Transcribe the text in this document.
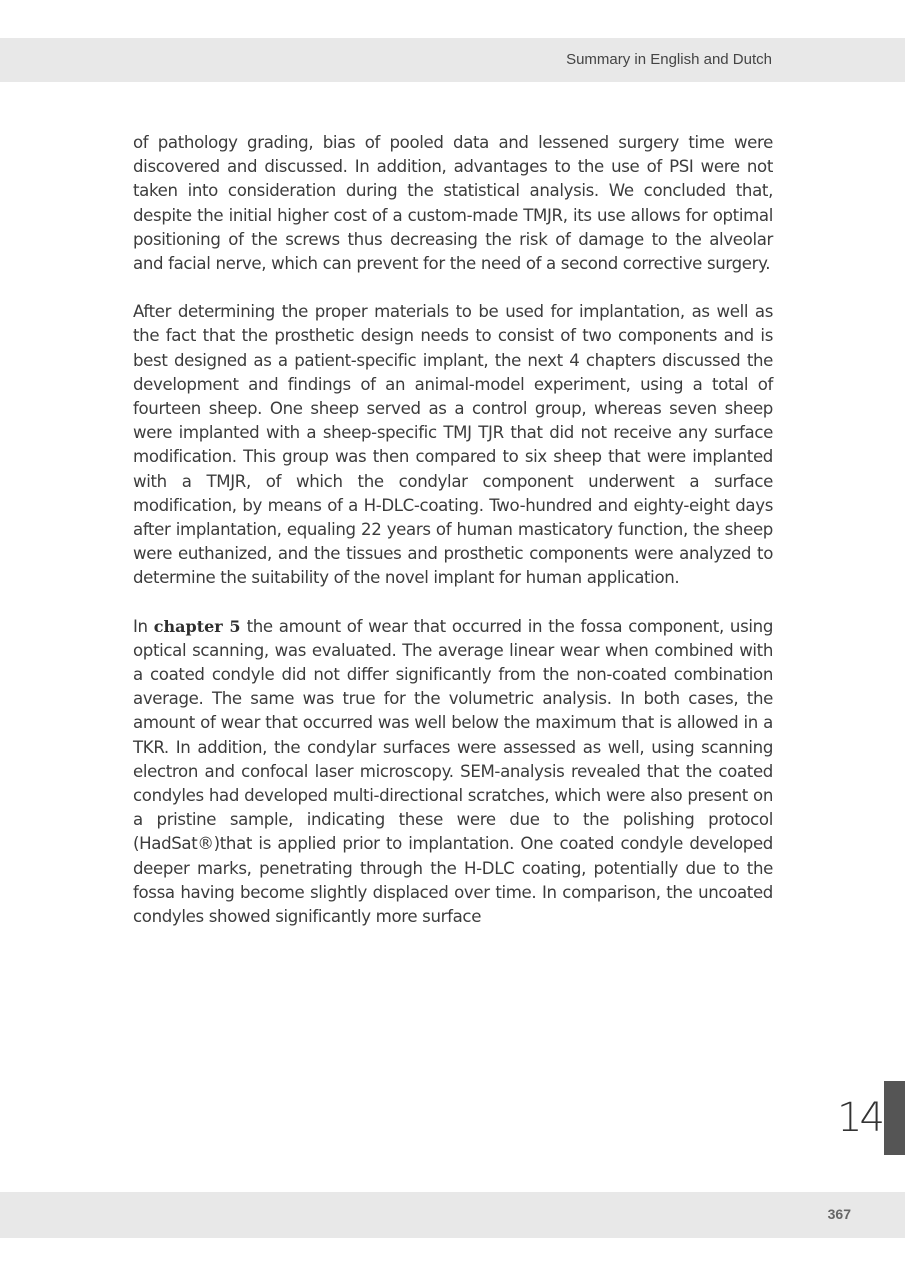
Summary in English and Dutch

of pathology grading, bias of pooled data and lessened surgery time were discovered and discussed. In addition, advantages to the use of PSI were not taken into consideration during the statistical analysis. We concluded that, despite the initial higher cost of a custom-made TMJR, its use allows for optimal positioning of the screws thus decreasing the risk of damage to the alveolar and facial nerve, which can prevent for the need of a second corrective surgery.

After determining the proper materials to be used for implantation, as well as the fact that the prosthetic design needs to consist of two components and is best designed as a patient-specific implant, the next 4 chapters discussed the development and findings of an animal-model experiment, using a total of fourteen sheep. One sheep served as a control group, whereas seven sheep were implanted with a sheep-specific TMJ TJR that did not receive any surface modification. This group was then compared to six sheep that were implanted with a TMJR, of which the condylar component underwent a surface modification, by means of a H-DLC-coating. Two-hundred and eighty-eight days after implantation, equaling 22 years of human masticatory function, the sheep were euthanized, and the tissues and prosthetic components were analyzed to determine the suitability of the novel implant for human application.

In chapter 5 the amount of wear that occurred in the fossa component, using optical scanning, was evaluated. The average linear wear when combined with a coated condyle did not differ significantly from the non-coated combination average. The same was true for the volumetric analysis. In both cases, the amount of wear that occurred was well below the maximum that is allowed in a TKR. In addition, the condylar surfaces were assessed as well, using scanning electron and confocal laser microscopy. SEM-analysis revealed that the coated condyles had developed multi-directional scratches, which were also present on a pristine sample, indicating these were due to the polishing protocol (HadSat®)that is applied prior to implantation. One coated condyle developed deeper marks, penetrating through the H-DLC coating, potentially due to the fossa having become slightly displaced over time. In comparison, the uncoated condyles showed significantly more surface

14
367
